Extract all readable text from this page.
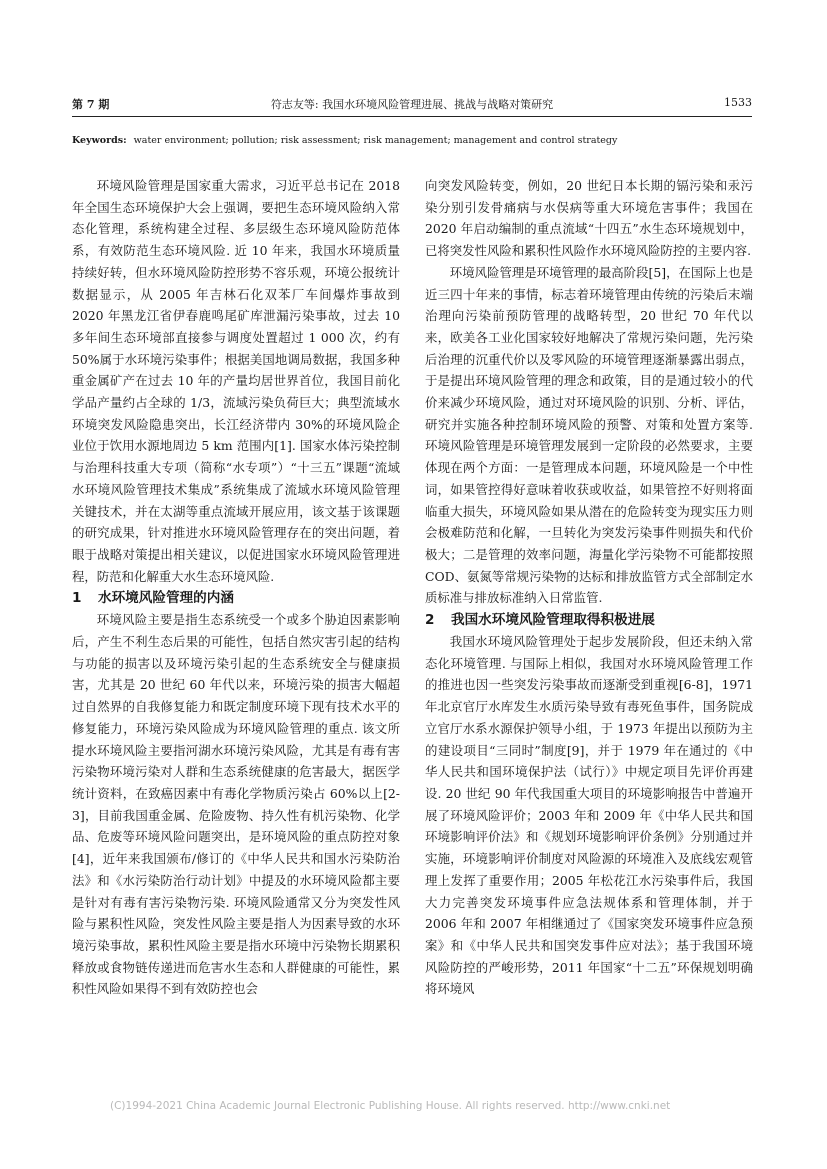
第 7 期	符志友等: 我国水环境风险管理进展、挑战与战略对策研究	1533
Keywords: water environment; pollution; risk assessment; risk management; management and control strategy

环境风险管理是国家重大需求，习近平总书记在 2018 年全国生态环境保护大会上强调，要把生态环境风险纳入常态化管理，系统构建全过程、多层级生态环境风险防范体系，有效防范生态环境风险. 近 10 年来，我国水环境质量持续好转，但水环境风险防控形势不容乐观，环境公报统计数据显示，从 2005 年吉林石化双苯厂车间爆炸事故到 2020 年黑龙江省伊春鹿鸣尾矿库泄漏污染事故，过去 10 多年间生态环境部直接参与调度处置超过 1 000 次，约有 50%属于水环境污染事件；根据美国地调局数据，我国多种重金属矿产在过去 10 年的产量均居世界首位，我国目前化学品产量约占全球的 1/3，流域污染负荷巨大；典型流域水环境突发风险隐患突出，长江经济带内 30%的环境风险企业位于饮用水源地周边 5 km 范围内[1]. 国家水体污染控制与治理科技重大专项（简称“水专项”）“十三五”课题“流域水环境风险管理技术集成”系统集成了流域水环境风险管理关键技术，并在太湖等重点流域开展应用，该文基于该课题的研究成果，针对推进水环境风险管理存在的突出问题，着眼于战略对策提出相关建议，以促进国家水环境风险管理进程，防范和化解重大水生态环境风险.

1 水环境风险管理的内涵

环境风险主要是指生态系统受一个或多个胁迫因素影响后，产生不利生态后果的可能性，包括自然灾害引起的结构与功能的损害以及环境污染引起的生态系统安全与健康损害，尤其是 20 世纪 60 年代以来，环境污染的损害大幅超过自然界的自我修复能力和既定制度环境下现有技术水平的修复能力，环境污染风险成为环境风险管理的重点. 该文所提水环境风险主要指河湖水环境污染风险，尤其是有毒有害污染物环境污染对人群和生态系统健康的危害最大，据医学统计资料，在致癌因素中有毒化学物质污染占 60%以上[2-3]，目前我国重金属、危险废物、持久性有机污染物、化学品、危废等环境风险问题突出，是环境风险的重点防控对象[4]，近年来我国颁布/修订的《中华人民共和国水污染防治法》和《水污染防治行动计划》中提及的水环境风险都主要是针对有毒有害污染物污染. 环境风险通常又分为突发性风险与累积性风险，突发性风险主要是指人为因素导致的水环境污染事故，累积性风险主要是指水环境中污染物长期累积释放或食物链传递进而危害水生态和人群健康的可能性，累积性风险如果得不到有效防控也会

向突发风险转变，例如，20 世纪日本长期的镉污染和汞污染分别引发骨痛病与水俣病等重大环境危害事件；我国在 2020 年启动编制的重点流域“十四五”水生态环境规划中，已将突发性风险和累积性风险作水环境风险防控的主要内容.

环境风险管理是环境管理的最高阶段[5]，在国际上也是近三四十年来的事情，标志着环境管理由传统的污染后末端治理向污染前预防管理的战略转型，20 世纪 70 年代以来，欧美各工业化国家较好地解决了常规污染问题，先污染后治理的沉重代价以及零风险的环境管理逐渐暴露出弱点，于是提出环境风险管理的理念和政策，目的是通过较小的代价来减少环境风险，通过对环境风险的识别、分析、评估，研究并实施各种控制环境风险的预警、对策和处置方案等. 环境风险管理是环境管理发展到一定阶段的必然要求，主要体现在两个方面：一是管理成本问题，环境风险是一个中性词，如果管控得好意味着收获或收益，如果管控不好则将面临重大损失，环境风险如果从潜在的危险转变为现实压力则会极难防范和化解，一旦转化为突发污染事件则损失和代价极大；二是管理的效率问题，海量化学污染物不可能都按照 COD、氨氮等常规污染物的达标和排放监管方式全部制定水质标准与排放标准纳入日常监管.

2 我国水环境风险管理取得积极进展

我国水环境风险管理处于起步发展阶段，但还未纳入常态化环境管理. 与国际上相似，我国对水环境风险管理工作的推进也因一些突发污染事故而逐渐受到重视[6-8]，1971 年北京官厅水库发生水质污染导致有毒死鱼事件，国务院成立官厅水系水源保护领导小组，于 1973 年提出以预防为主的建设项目“三同时”制度[9]，并于 1979 年在通过的《中华人民共和国环境保护法（试行）》中规定项目先评价再建设. 20 世纪 90 年代我国重大项目的环境影响报告中普遍开展了环境风险评价；2003 年和 2009 年《中华人民共和国环境影响评价法》和《规划环境影响评价条例》分别通过并实施，环境影响评价制度对风险源的环境准入及底线宏观管理上发挥了重要作用；2005 年松花江水污染事件后，我国大力完善突发环境事件应急法规体系和管理体制，并于 2006 年和 2007 年相继通过了《国家突发环境事件应急预案》和《中华人民共和国突发事件应对法》；基于我国环境风险防控的严峻形势，2011 年国家“十二五”环保规划明确将环境风

(C)1994-2021 China Academic Journal Electronic Publishing House. All rights reserved. http://www.cnki.net
